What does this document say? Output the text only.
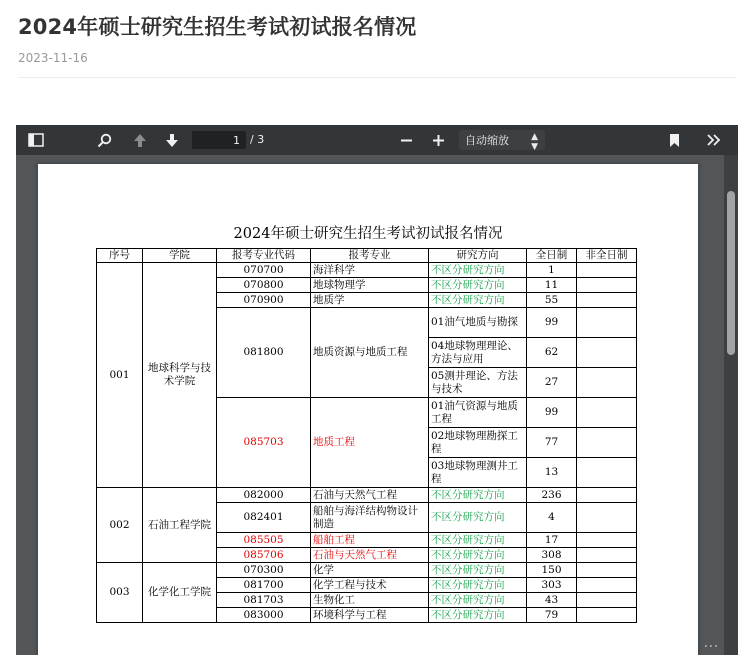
2024年硕士研究生招生考试初试报名情况
2023-11-16
1
/ 3	自动缩放 ▲
▼
2024年硕士研究生招生考试初试报名情况
序号	学院	报考专业代码	报考专业	研究方向	全日制	非全日制
001	地球科学与技术学院	070700	海洋科学	不区分研究方向	1	
		070800	地球物理学	不区分研究方向	11	
		070900	地质学	不区分研究方向	55	
		081800	地质资源与地质工程	01油气地质与勘探	99	
				04地球物理理论、方法与应用	62	
				05测井理论、方法与技术	27	
		085703	地质工程	01油气资源与地质工程	99	
				02地球物理勘探工程	77	
				03地球物理测井工程	13	
002	石油工程学院	082000	石油与天然气工程	不区分研究方向	236	
		082401	船舶与海洋结构物设计制造	不区分研究方向	4	
		085505	船舶工程	不区分研究方向	17	
		085706	石油与天然气工程	不区分研究方向	308	
003	化学化工学院	070300	化学	不区分研究方向	150	
		081700	化学工程与技术	不区分研究方向	303	
		081703	生物化工	不区分研究方向	43	
		083000	环境科学与工程	不区分研究方向	79	
…
